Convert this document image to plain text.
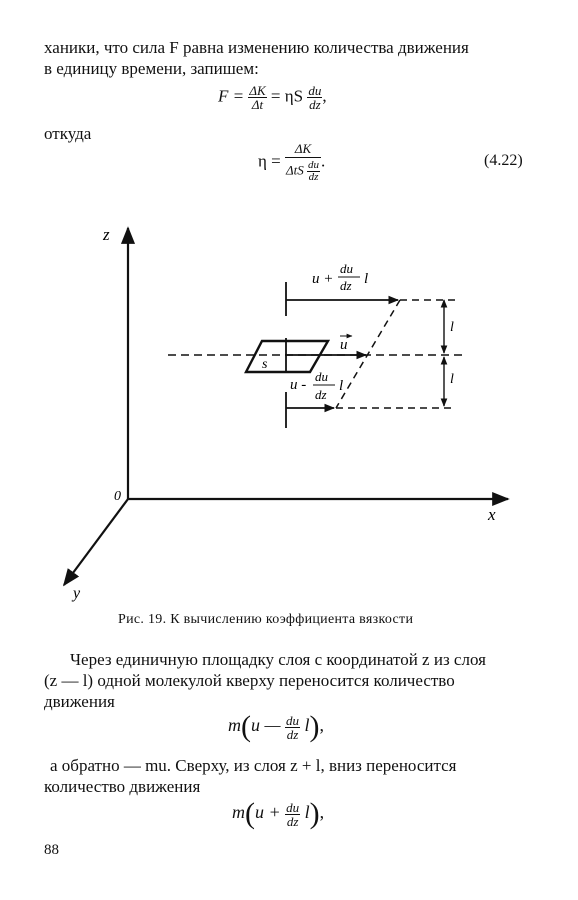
ханики, что сила F равна изменению количества движения
в единицу времени, запишем:
$F = \frac{\Delta K}{\Delta t} = \eta S \frac{du}{dz}$ ,
откуда
$\eta = \frac{\Delta K}{\Delta tS \frac{du}{dz}}$ .	(4.22)
z
x
y
0
s
l
l
u +
du
dz l
u
u -
du
dz
l
Рис. 19. К вычислению коэффициента вязкости
Через единичную площадку слоя с координатой z из слоя
(z — l) одной молекулой кверху переносится количество
движения
m(u — $\frac{du}{dz} l$),
а обратно — mu. Сверху, из слоя z + l, вниз переносится
количество движения
$m(u + \frac{du}{dz} l)$,
88
